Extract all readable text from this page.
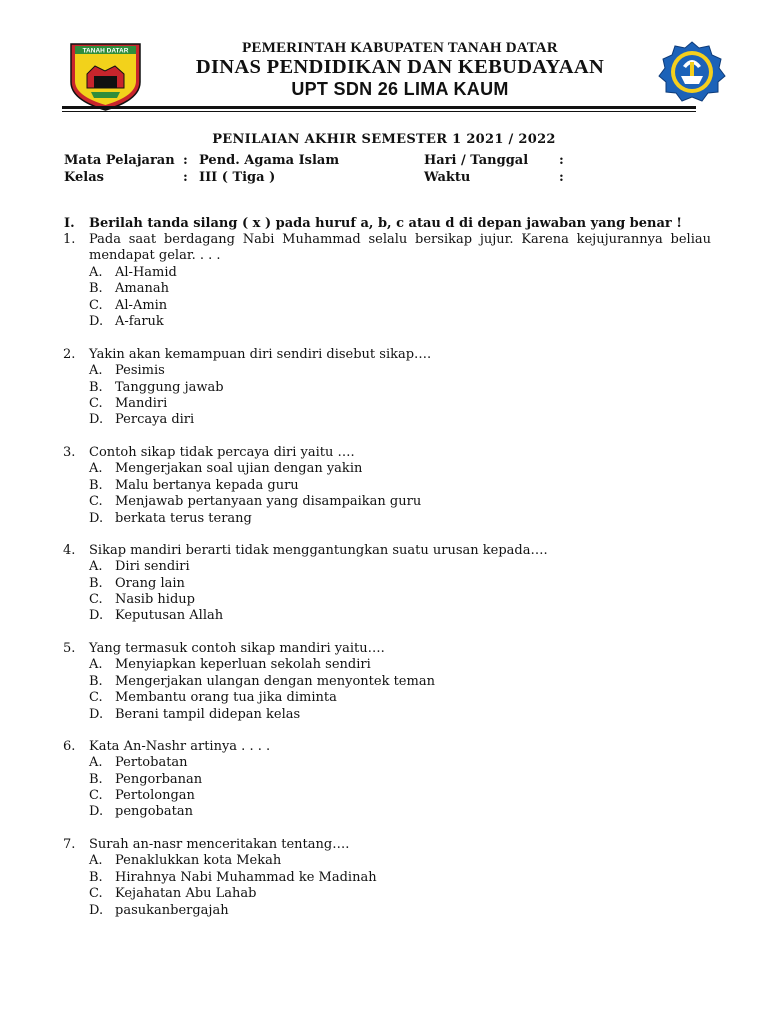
TANAH DATAR	PEMERINTAH KABUPATEN TANAH DATAR
DINAS PENDIDIKAN DAN KEBUDAYAAN
UPT SDN 26 LIMA KAUM
PENILAIAN AKHIR SEMESTER 1 2021 / 2022
Mata Pelajaran : Pend. Agama Islam	Hari / Tanggal :
Kelas	: III ( Tiga )	Waktu	:
I. Berilah tanda silang ( x ) pada huruf a, b, c atau d di depan jawaban yang benar !
1. Pada saat berdagang Nabi Muhammad selalu bersikap jujur. Karena kejujurannya beliau
mendapat gelar. . . .
A. Al-Hamid
B. Amanah
C. Al-Amin
D. A-faruk
2. Yakin akan kemampuan diri sendiri disebut sikap….
A. Pesimis
B. Tanggung jawab
C. Mandiri
D. Percaya diri
3. Contoh sikap tidak percaya diri yaitu ….
A. Mengerjakan soal ujian dengan yakin
B. Malu bertanya kepada guru
C. Menjawab pertanyaan yang disampaikan guru
D. berkata terus terang
4. Sikap mandiri berarti tidak menggantungkan suatu urusan kepada….
A. Diri sendiri
B. Orang lain
C. Nasib hidup
D. Keputusan Allah
5. Yang termasuk contoh sikap mandiri yaitu….
A. Menyiapkan keperluan sekolah sendiri
B. Mengerjakan ulangan dengan menyontek teman
C. Membantu orang tua jika diminta
D. Berani tampil didepan kelas
6. Kata An-Nashr artinya . . . .
A. Pertobatan
B. Pengorbanan
C. Pertolongan
D. pengobatan
7. Surah an-nasr menceritakan tentang….
A. Penaklukkan kota Mekah
B. Hirahnya Nabi Muhammad ke Madinah
C. Kejahatan Abu Lahab
D. pasukanbergajah
